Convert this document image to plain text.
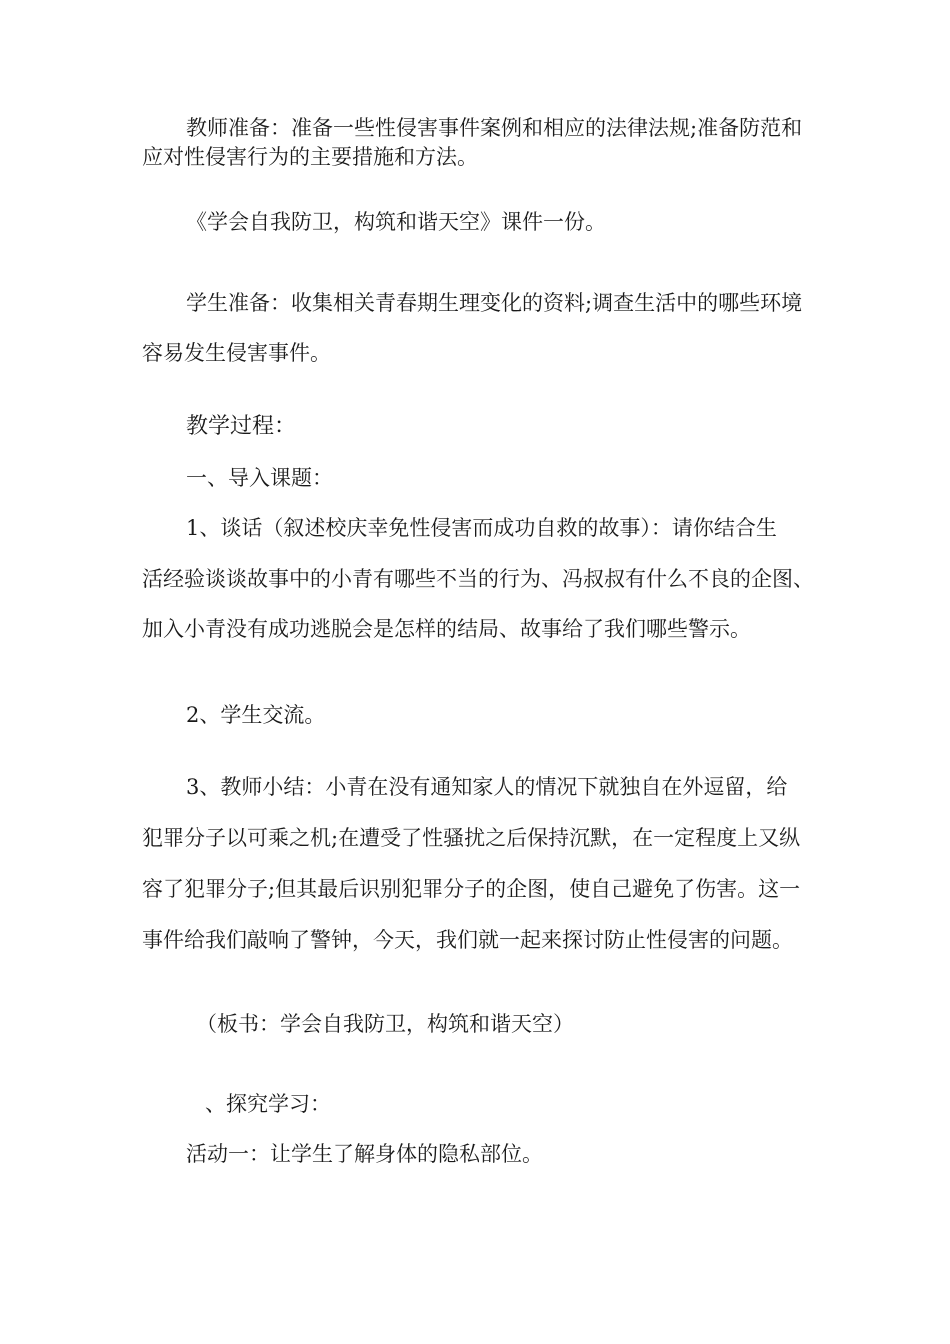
教师准备：准备一些性侵害事件案例和相应的法律法规;准备防范和
应对性侵害行为的主要措施和方法。
《学会自我防卫，构筑和谐天空》课件一份。
学生准备：收集相关青春期生理变化的资料;调查生活中的哪些环境
容易发生侵害事件。
教学过程：
一、导入课题：
1、谈话（叙述校庆幸免性侵害而成功自救的故事）：请你结合生
活经验谈谈故事中的小青有哪些不当的行为、冯叔叔有什么不良的企图、
加入小青没有成功逃脱会是怎样的结局、故事给了我们哪些警示。
2、学生交流。
3、教师小结：小青在没有通知家人的情况下就独自在外逗留，给
犯罪分子以可乘之机;在遭受了性骚扰之后保持沉默，在一定程度上又纵
容了犯罪分子;但其最后识别犯罪分子的企图，使自己避免了伤害。这一
事件给我们敲响了警钟，今天，我们就一起来探讨防止性侵害的问题。
（板书：学会自我防卫，构筑和谐天空）
、探究学习：
活动一：让学生了解身体的隐私部位。
